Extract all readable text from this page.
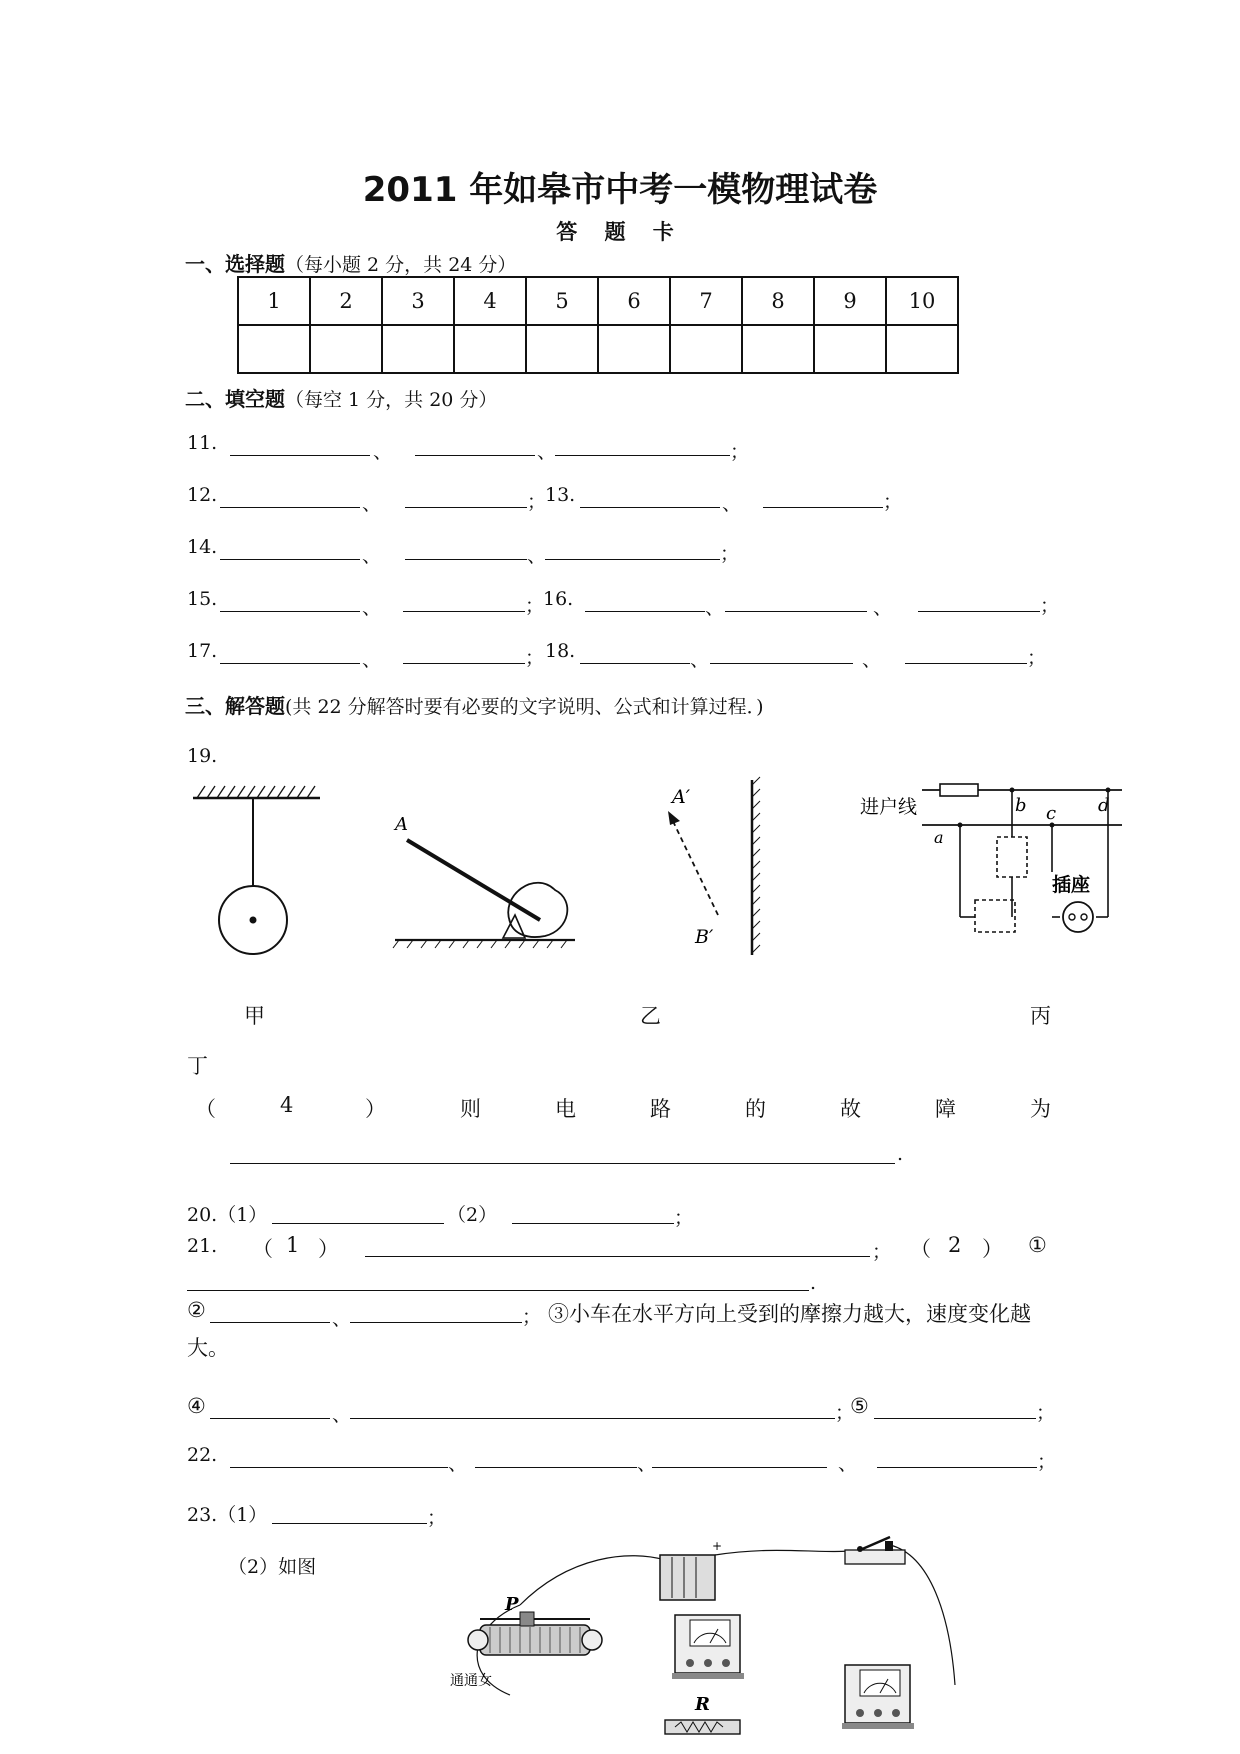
2011 年如皋市中考一模物理试卷
答 题 卡
一、选择题（每小题 2 分，共 24 分）
1	2	3	4	5	6	7	8	9	10

二、填空题（每空 1 分，共 20 分）
11.	、	、	；
12.	、	；
13.	、	；
14.	、	、	；
15.	、	；
16.	、	、	；
17.	、	； 18.	、	、	；
三、解答题(共 22 分解答时要有必要的文字说明、公式和计算过程．)
19.
A
A′
B′
进户线	b c d
a
插座
甲	乙	丙
丁
（	4	）	则	电	路	的	故	障	为
.
20.（1）	（2）	；
21. （ 1 ）	； （ 2 ） ①
.
②	、	； ③小车在水平方向上受到的摩擦力越大，速度变化越
大。
④	、	；
⑤	；
22.	、	、	、	；
23.（1）	；
（2）如图
+
P
通通女
R
